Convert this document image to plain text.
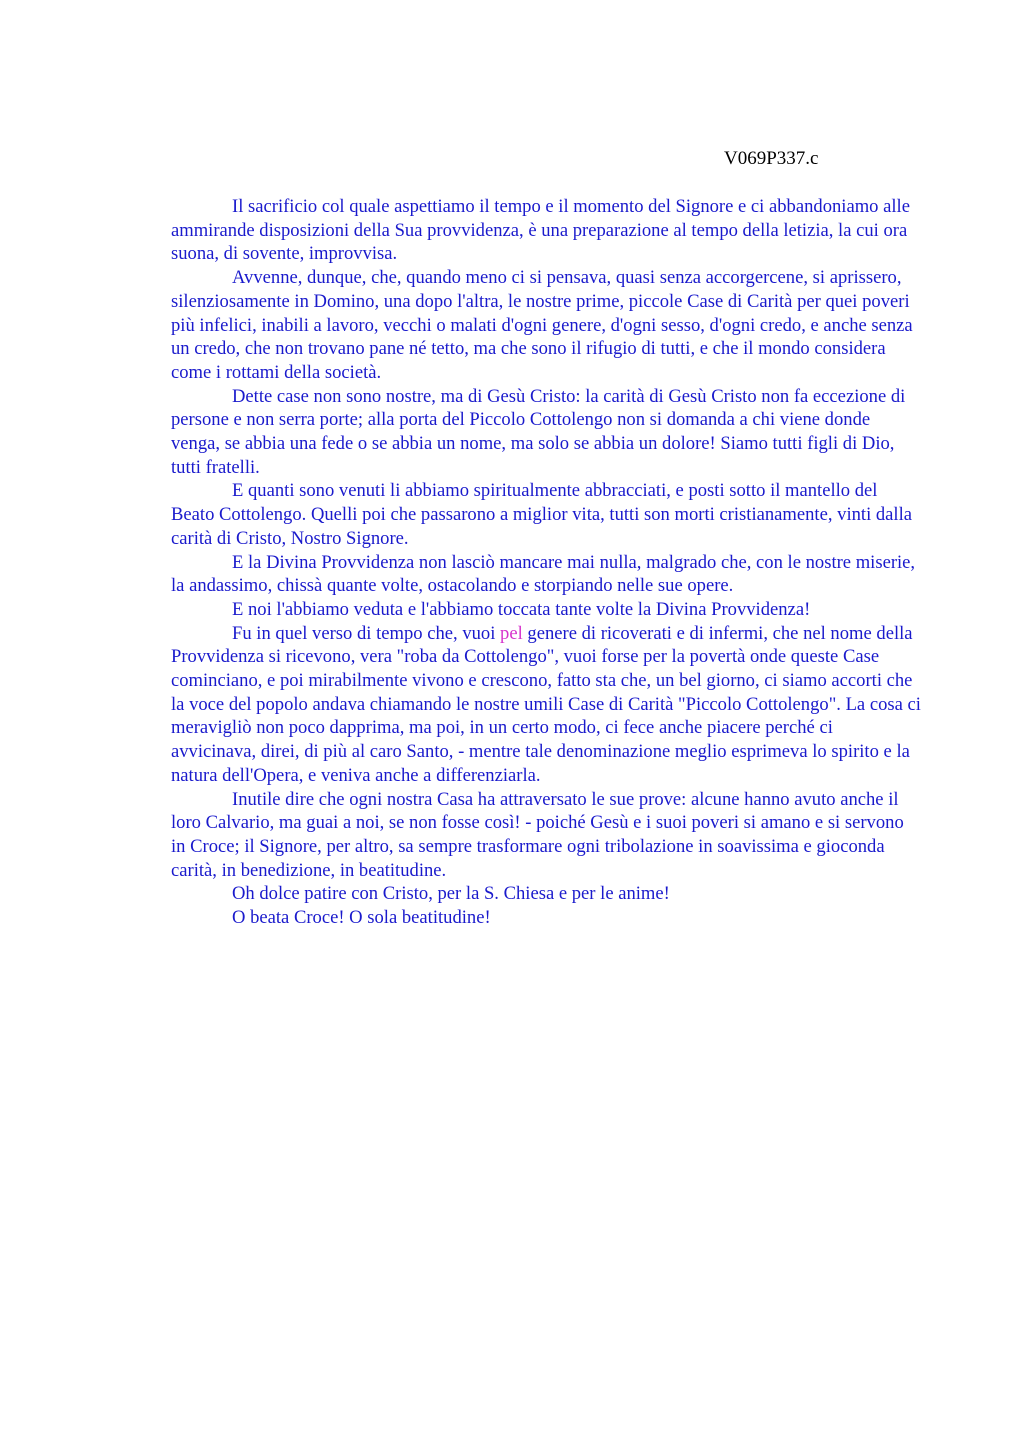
V069P337.c

Il sacrificio col quale aspettiamo il tempo e il momento del Signore e ci abbandoniamo alle ammirande disposizioni della Sua provvidenza, è una preparazione al tempo della letizia, la cui ora suona, di sovente, improvvisa.

Avvenne, dunque, che, quando meno ci si pensava, quasi senza accorgercene, si aprissero, silenziosamente in Domino, una dopo l'altra, le nostre prime, piccole Case di Carità per quei poveri più infelici, inabili a lavoro, vecchi o malati d'ogni genere, d'ogni sesso, d'ogni credo, e anche senza un credo, che non trovano pane né tetto, ma che sono il rifugio di tutti, e che il mondo considera come i rottami della società.

Dette case non sono nostre, ma di Gesù Cristo: la carità di Gesù Cristo non fa eccezione di persone e non serra porte; alla porta del Piccolo Cottolengo non si domanda a chi viene donde venga, se abbia una fede o se abbia un nome, ma solo se abbia un dolore! Siamo tutti figli di Dio, tutti fratelli.

E quanti sono venuti li abbiamo spiritualmente abbracciati, e posti sotto il mantello del Beato Cottolengo. Quelli poi che passarono a miglior vita, tutti son morti cristianamente, vinti dalla carità di Cristo, Nostro Signore.

E la Divina Provvidenza non lasciò mancare mai nulla, malgrado che, con le nostre miserie, la andassimo, chissà quante volte, ostacolando e storpiando nelle sue opere.

E noi l'abbiamo veduta e l'abbiamo toccata tante volte la Divina Provvidenza!

Fu in quel verso di tempo che, vuoi pel genere di ricoverati e di infermi, che nel nome della Provvidenza si ricevono, vera "roba da Cottolengo", vuoi forse per la povertà onde queste Case cominciano, e poi mirabilmente vivono e crescono, fatto sta che, un bel giorno, ci siamo accorti che la voce del popolo andava chiamando le nostre umili Case di Carità "Piccolo Cottolengo". La cosa ci meravigliò non poco dapprima, ma poi, in un certo modo, ci fece anche piacere perché ci avvicinava, direi, di più al caro Santo, - mentre tale denominazione meglio esprimeva lo spirito e la natura dell'Opera, e veniva anche a differenziarla.

Inutile dire che ogni nostra Casa ha attraversato le sue prove: alcune hanno avuto anche il loro Calvario, ma guai a noi, se non fosse così! - poiché Gesù e i suoi poveri si amano e si servono in Croce; il Signore, per altro, sa sempre trasformare ogni tribolazione in soavissima e gioconda carità, in benedizione, in beatitudine.

Oh dolce patire con Cristo, per la S. Chiesa e per le anime!

O beata Croce! O sola beatitudine!
